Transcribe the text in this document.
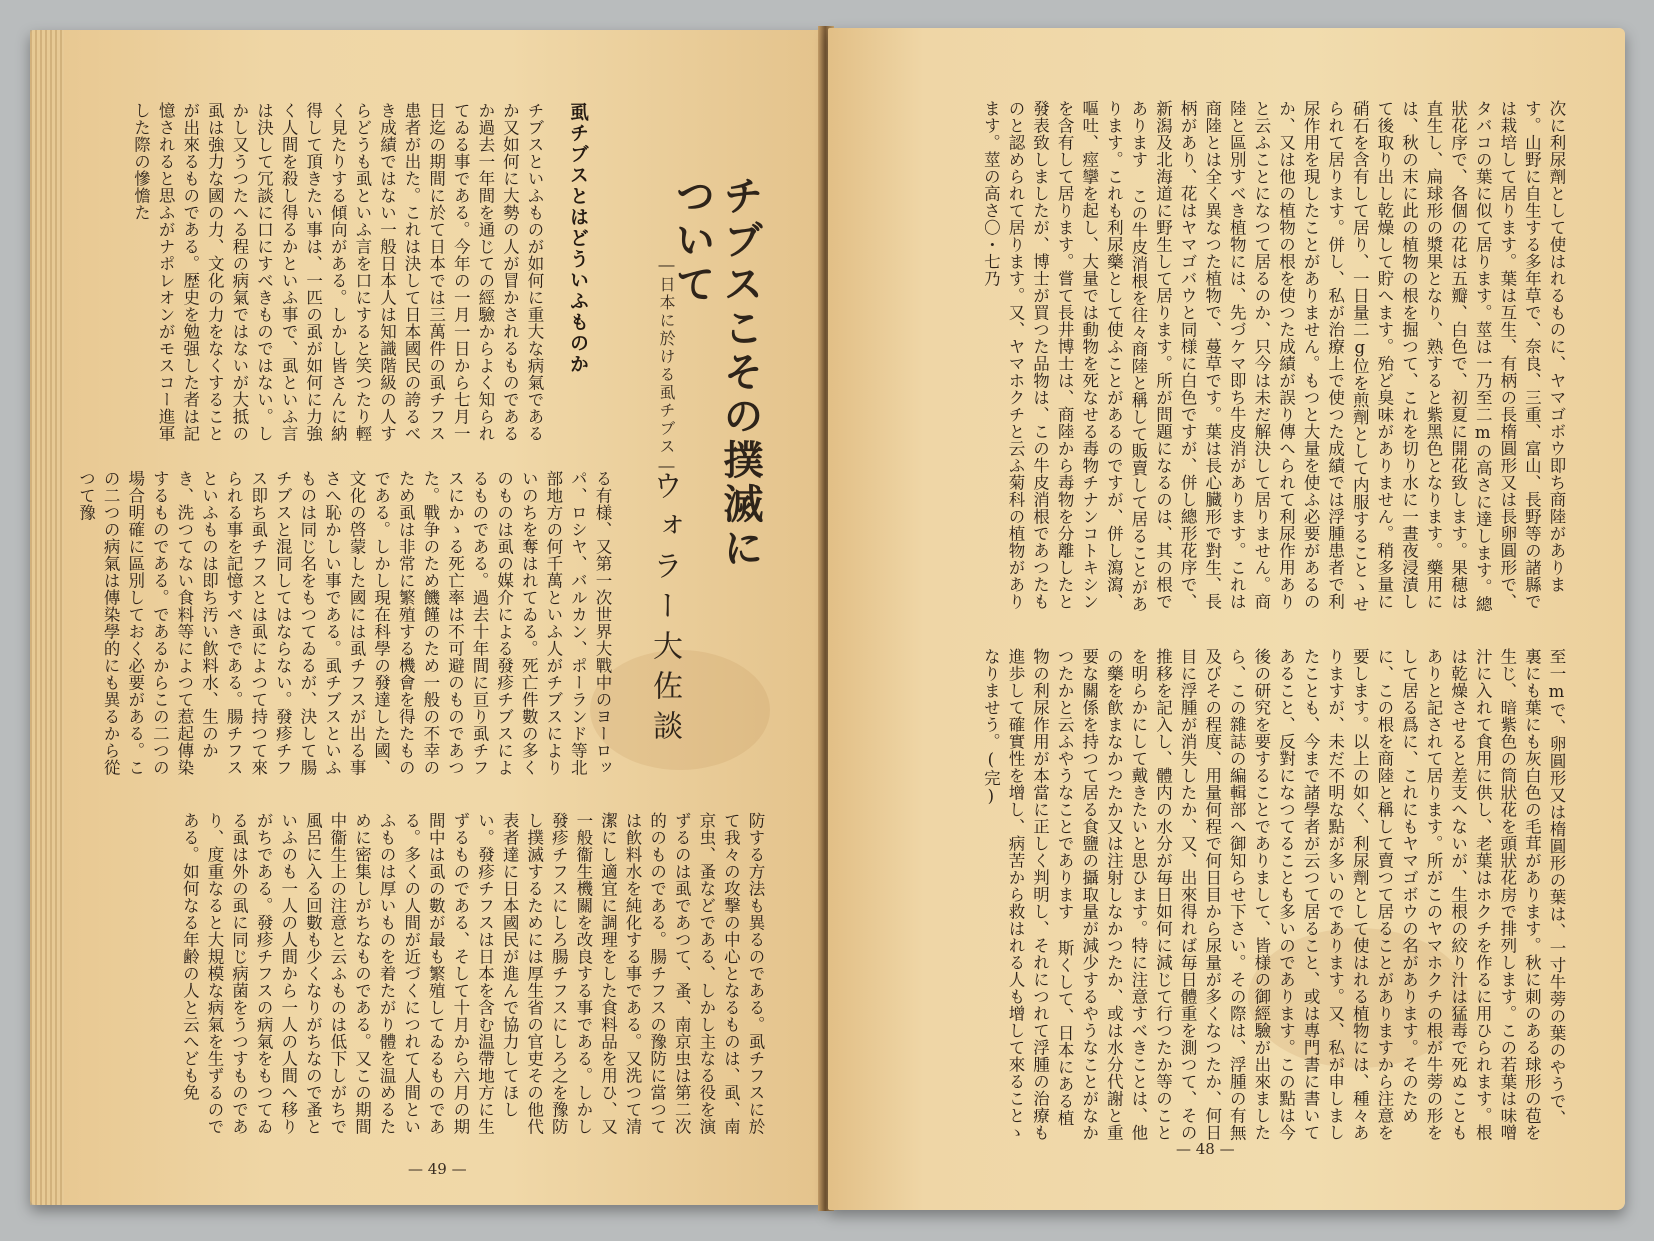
チブスこその撲滅について
―日本に於ける虱チブス―
ウォラー大佐談
虱チブスとはどういふものか
チブスといふものが如何に重大な病氣であるか又如何に大勢の人が冒かされるものであるか過去一年間を通じての經驗からよく知られてゐる事である。今年の一月一日から七月一日迄の期間に於て日本では三萬件の虱チフス患者が出た。これは決して日本國民の誇るべき成績ではない一般日本人は知識階級の人すらどうも虱といふ言を口にすると笑つたり輕く見たりする傾向がある。しかし皆さんに納得して頂きたい事は、一匹の虱が如何に力強く人間を殺し得るかといふ事で、虱といふ言は決して冗談に口にすべきものではない。しかし又うつたへる程の病氣ではないが大抵の虱は強力な國の力、文化の力をなくすることが出來るものである。歴史を勉强した者は記憶されると思ふがナポレオンがモスコー進軍した際の慘憺た
る有様、又第一次世界大戰中のヨーロッパ、ロシヤ、バルカン、ポーランド等北部地方の何千萬といふ人がチブスによりいのちを奪はれてゐる。死亡件數の多くのものは虱の媒介による發疹チブスによるものである。過去十年間に亘り虱チフスにかゝる死亡率は不可避のものであつた。戰争のため饑饉のため一般の不幸のため虱は非常に繁殖する機會を得たものである。しかし現在科學の發達した國、文化の啓蒙した國には虱チフスが出る事さへ恥かしい事である。虱チブスといふものは同じ名をもつてゐるが、決して腸チブスと混同してはならない。發疹チフス即ち虱チフスとは虱によつて持つて來られる事を記憶すべきである。腸チフスといふものは即ち汚い飮料水、生のかき、洗つてない食料等によつて惹起傳染するものである。であるからこの二つの場合明確に區別しておく必要がある。この二つの病氣は傳染學的にも異るから從つて豫
防する方法も異るのである。虱チフスに於て我々の攻撃の中心となるものは、虱、南京虫、蚤などである、しかし主なる役を演ずるのは虱であつて、蚤、南京虫は第二次的のものである。腸チフスの豫防に當つては飮料水を純化する事である。又洗つて清潔にし適宜に調理をした食料品を用ひ、又一般衞生機關を改良する事である。しかし發疹チフスにしろ腸チフスにしろ之を豫防し撲滅するためには厚生省の官吏その他代表者達に日本國民が進んで協力してほしい。發疹チフスは日本を含む温帶地方に生ずるものである、そして十月から六月の期間中は虱の數が最も繁殖してゐるものである。多くの人間が近づくにつれて人間といふものは厚いものを着たがり體を温めるために密集しがちなものである。又この期間中衞生上の注意と云ふものは低下しがちで風呂に入る回數も少くなりがちなので蚤といふのも一人の人間から一人の人間へ移りがちである。發疹チフスの病氣をもつてゐる虱は外の虱に同じ病菌をうつすものであり、度重なると大規模な病氣を生ずるのである。如何なる年齢の人と云へども免
— 49 —
次に利尿劑として使はれるものに、ヤマゴボウ即ち商陸があります。山野に自生する多年草で、奈良、三重、富山、長野等の諸縣では栽培して居ります。葉は互生、有柄の長楕圓形又は長卵圓形で、タバコの葉に似て居ります。莖は一乃至二mの高さに達します。總狀花序で、各個の花は五瓣、白色で、初夏に開花致します。果穂は直生し、扁球形の漿果となり、熟すると紫黑色となります。藥用には、秋の末に此の植物の根を掘つて、これを切り水に一晝夜浸漬して後取り出し乾燥して貯へます。殆ど臭味がありません。稍多量に硝石を含有して居り、一日量二g位を煎劑として内服することゝせられて居ります。併し、私が治療上で使つた成績では浮腫患者で利尿作用を現したことがありません。もつと大量を使ふ必要があるのか、又は他の植物の根を使つた成績が誤り傳へられて利尿作用ありと云ふことになつて居るのか、只今は未だ解決して居りません。商陸と區別すべき植物には、先づケマ即ち牛皮消があります。これは商陸とは全く異なつた植物で、蔓草です。葉は長心臓形で對生、長柄があり、花はヤマゴバウと同様に白色ですが、併し總形花序で、新潟及北海道に野生して居ります。所が問題になるのは、其の根であります この牛皮消根を往々商陸と稱して販賣して居ることがあります。これも利尿藥として使ふことがあるのですが、併し瀉瀉、嘔吐、痙攣を起し、大量では動物を死なせる毒物チナンコトキシンを含有して居ります。嘗て長井博士は、商陸から毒物を分離したと發表致しましたが、博士が買つた品物は、この牛皮消根であつたものと認められて居ります。又、ヤマホクチと云ふ菊科の植物があります。莖の高さ〇・七乃
至一mで、卵圓形又は楕圓形の葉は、一寸牛蒡の葉のやうで、裏にも葉にも灰白色の毛茸があります。秋に刺のある球形の苞を生じ、暗紫色の筒狀花を頭狀花房で排列します。この若葉は味噌汁に入れて食用に供し、老葉はホクチを作るに用ひられます。根は乾燥させると差支へないが、生根の絞り汁は猛毒で死ぬこともありと記されて居ります。所がこのヤマホクチの根が牛蒡の形をして居る爲に、これにもヤマゴボウの名があります。そのために、この根を商陸と稱して賣つて居ることがありますから注意を要します。以上の如く、利尿劑として使はれる植物には、種々ありますが、未だ不明な點が多いのであります。又、私が申しましたことも、今まで諸學者が云つて居ること、或は專門書に書いてあること、反對になつてることも多いのであります。この點は今後の研究を要することでありまして、皆様の御經驗が出來ましたら、この雜誌の編輯部へ御知らせ下さい。その際は、浮腫の有無及びその程度、用量何程で何日目から尿量が多くなつたか、何日目に浮腫が消失したか、又、出來得れば毎日體重を測つて、その推移を記入し、體内の水分が毎日如何に減じて行つたか等のことを明らかにして戴きたいと思ひます。特に注意すべきことは、他の藥を飮まなかつたか又は注射しなかつたか、或は水分代謝と重要な關係を持つて居る食鹽の攝取量が減少するやうなことがなかつたかと云ふやうなことであります 斯くして、日本にある植物の利尿作用が本當に正しく判明し、それにつれて浮腫の治療も進歩して確實性を增し、病苦から救はれる人も增して來ることゝなりませう。(完)
— 48 —
